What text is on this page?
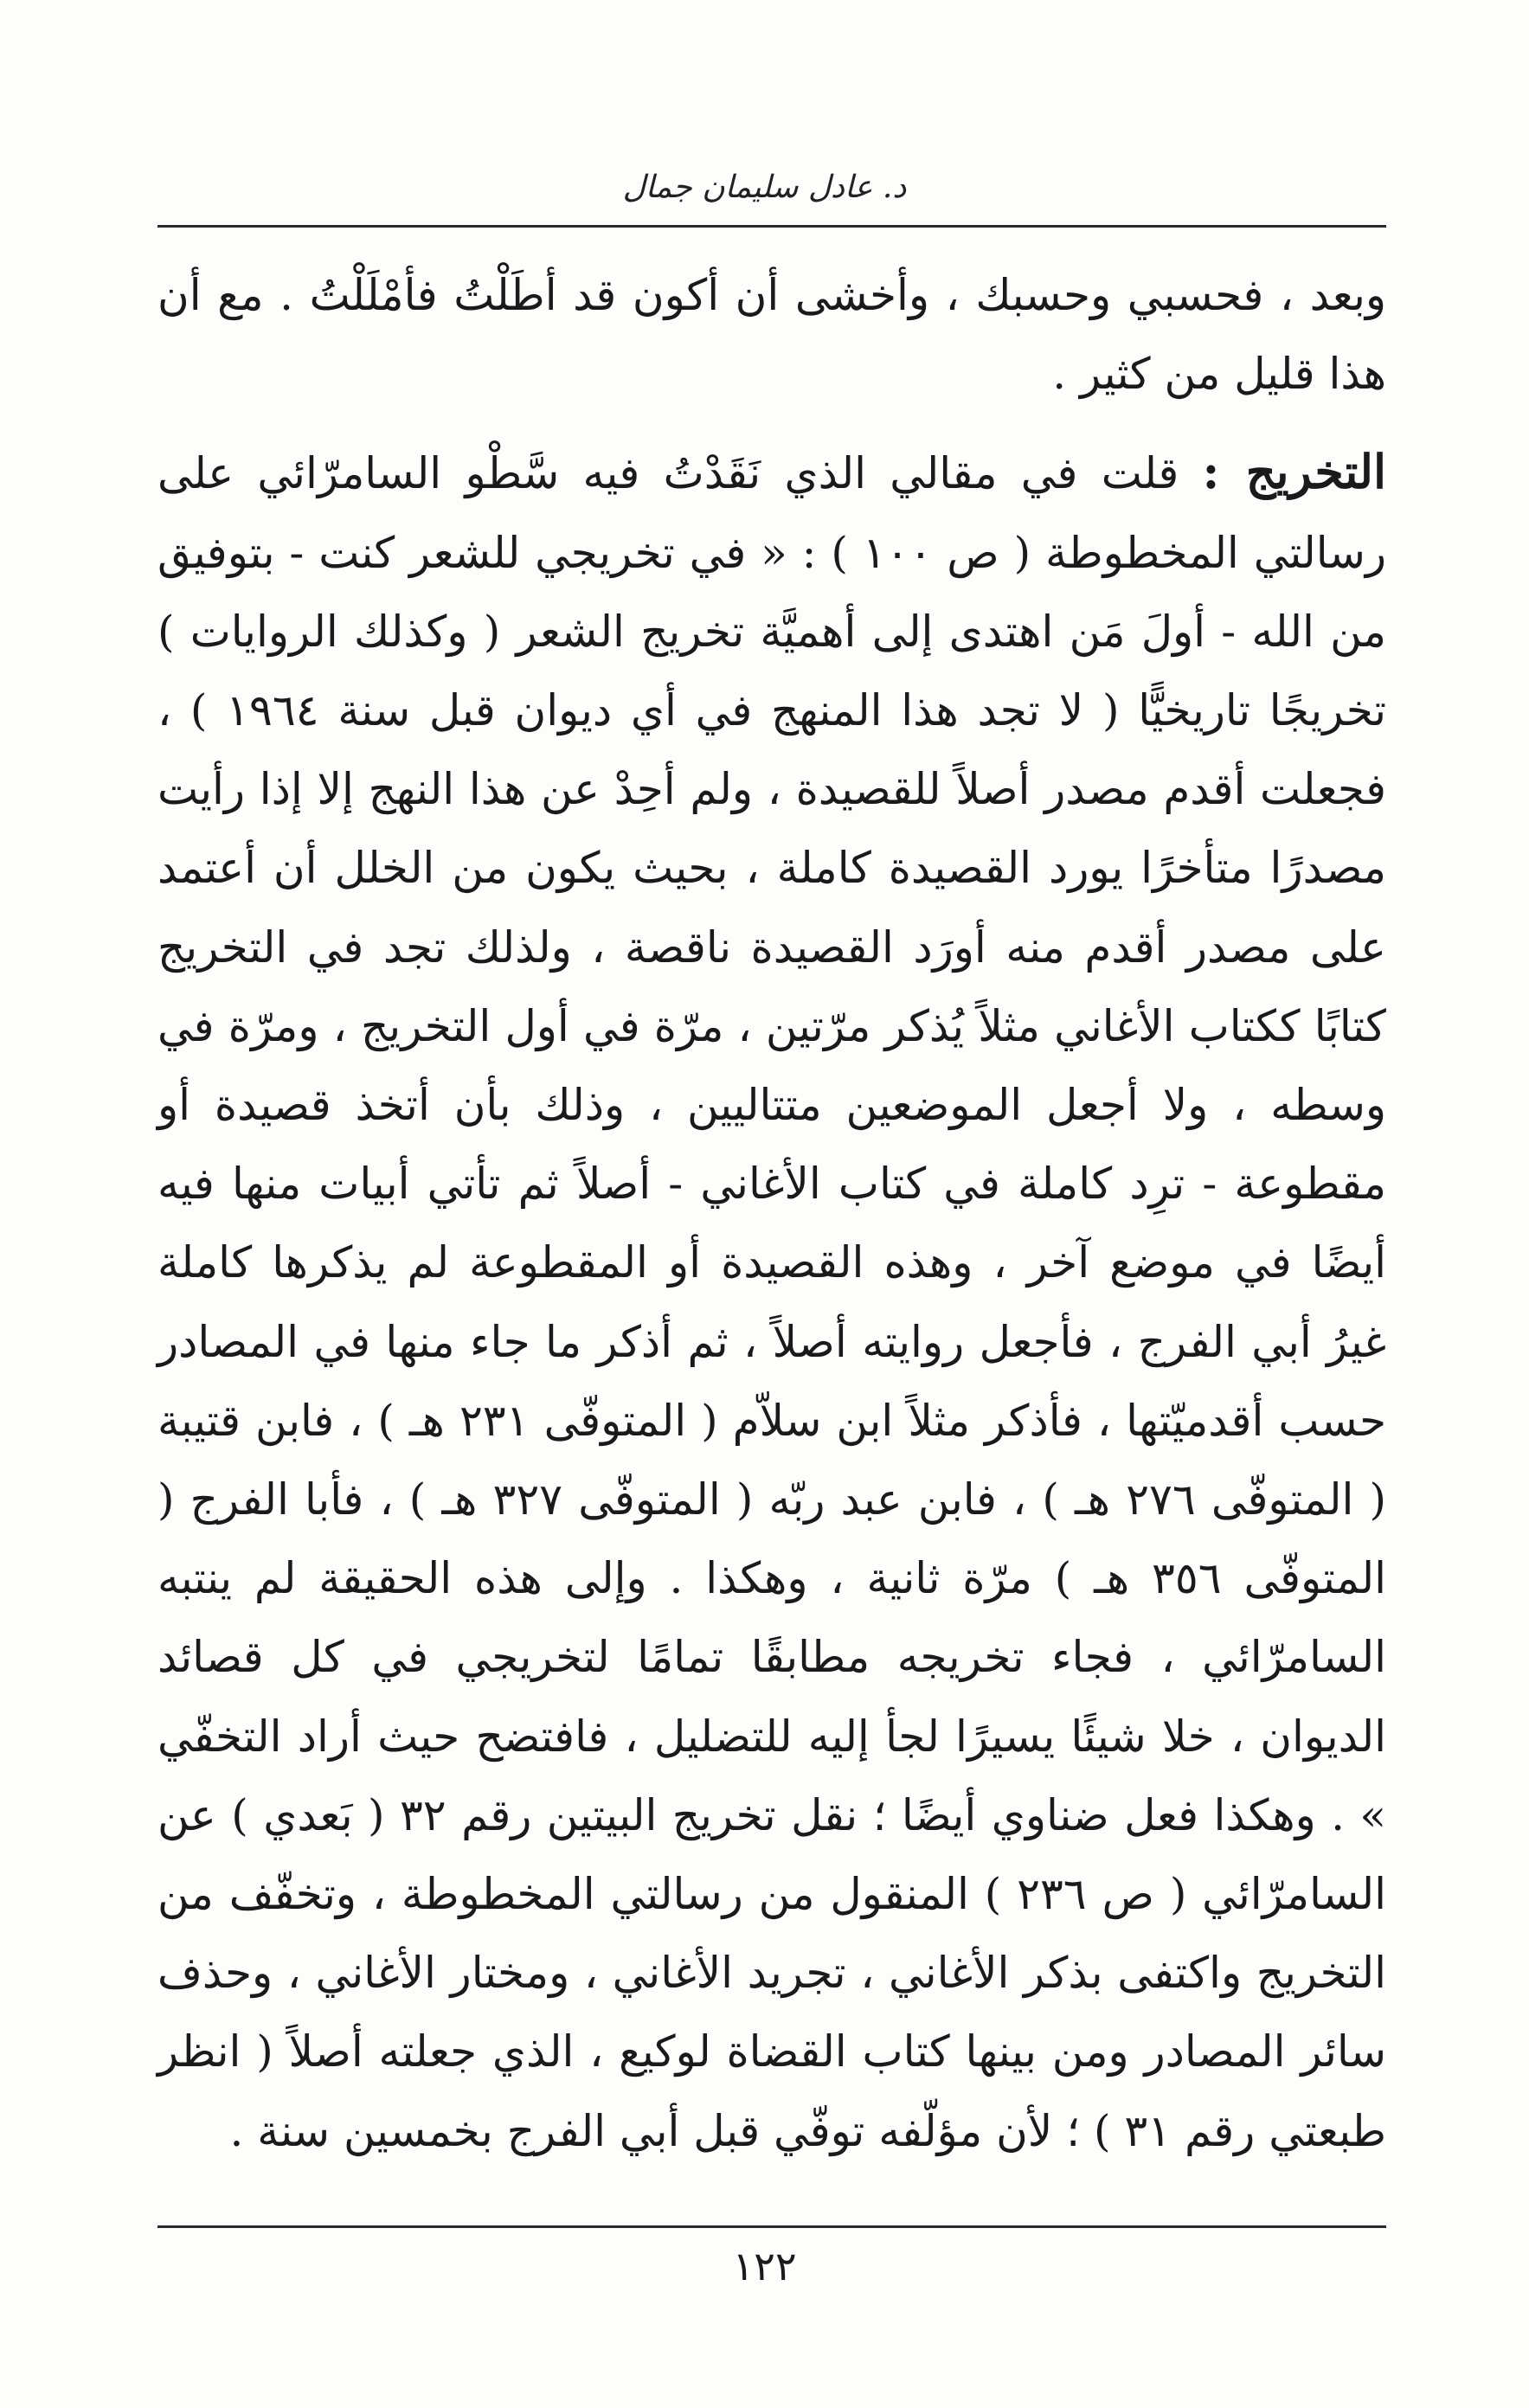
د. عادل سليمان جمال

وبعد ، فحسبي وحسبك ، وأخشى أن أكون قد أطَلْتُ فأمْلَلْتُ . مع أن هذا قليل من كثير .

التخريج : قلت في مقالي الذي نَقَدْتُ فيه سَّطْو السامرّائي على رسالتي المخطوطة ( ص ١٠٠ ) : « في تخريجي للشعر كنت - بتوفيق من الله - أولَ مَن اهتدى إلى أهميَّة تخريج الشعر ( وكذلك الروايات ) تخريجًا تاريخيًّا ( لا تجد هذا المنهج في أي ديوان قبل سنة ١٩٦٤ ) ، فجعلت أقدم مصدر أصلاً للقصيدة ، ولم أحِدْ عن هذا النهج إلا إذا رأيت مصدرًا متأخرًا يورد القصيدة كاملة ، بحيث يكون من الخلل أن أعتمد على مصدر أقدم منه أورَد القصيدة ناقصة ، ولذلك تجد في التخريج كتابًا ككتاب الأغاني مثلاً يُذكر مرّتين ، مرّة في أول التخريج ، ومرّة في وسطه ، ولا أجعل الموضعين متتاليين ، وذلك بأن أتخذ قصيدة أو مقطوعة - ترِد كاملة في كتاب الأغاني - أصلاً ثم تأتي أبيات منها فيه أيضًا في موضع آخر ، وهذه القصيدة أو المقطوعة لم يذكرها كاملة غيرُ أبي الفرج ، فأجعل روايته أصلاً ، ثم أذكر ما جاء منها في المصادر حسب أقدميّتها ، فأذكر مثلاً ابن سلاّم ( المتوفّى ٢٣١ هـ ) ، فابن قتيبة ( المتوفّى ٢٧٦ هـ ) ، فابن عبد ربّه ( المتوفّى ٣٢٧ هـ ) ، فأبا الفرج ( المتوفّى ٣٥٦ هـ ) مرّة ثانية ، وهكذا . وإلى هذه الحقيقة لم ينتبه السامرّائي ، فجاء تخريجه مطابقًا تمامًا لتخريجي في كل قصائد الديوان ، خلا شيئًا يسيرًا لجأ إليه للتضليل ، فافتضح حيث أراد التخفّي » . وهكذا فعل ضناوي أيضًا ؛ نقل تخريج البيتين رقم ٣٢ ( بَعدي ) عن السامرّائي ( ص ٢٣٦ ) المنقول من رسالتي المخطوطة ، وتخفّف من التخريج واكتفى بذكر الأغاني ، تجريد الأغاني ، ومختار الأغاني ، وحذف سائر المصادر ومن بينها كتاب القضاة لوكيع ، الذي جعلته أصلاً ( انظر طبعتي رقم ٣١ ) ؛ لأن مؤلّفه توفّي قبل أبي الفرج بخمسين سنة .

١٢٢
